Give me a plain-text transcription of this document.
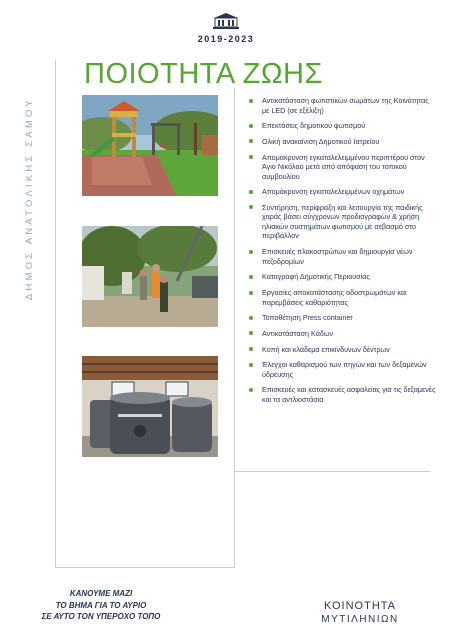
2019-2023
ΔΗΜΟΣ ΑΝΑΤΟΛΙΚΗΣ ΣΑΜΟΥ
ΠΟΙΟΤΗΤΑ ΖΩΗΣ
Αντικατάσταση φωτιστικών σωμάτων της Κοινότητας με LED (σε εξέλιξη)
Επεκτάσεις δημοτικού φωτισμού
Ολική ανακαίνιση Δημοτικού Ιατρείου
Απομάκρυνση εγκαταλελειμμένου περιπτέρου στον Άγιο Νικόλαο μετά από απόφαση του τοπικού συμβουλίου
Απομάκρυνση εγκαταλελειμμένων οχημάτων
Συντήρηση, περίφραξη και λειτουργία της παιδικής χαράς βάσει σύγχρονων προδιαγραφών & χρήση ηλιακών συστημάτων φωτισμού με σεβασμό στο περιβάλλον
Επισκευές πλακοστρώτων και δημιουργία νέων πεζοδρομίων
Καταγραφή Δημοτικής Περιουσίας
Εργασίες αποκατάστασης οδοστρωμάτων και παρεμβάσεις καθαριότητας
Τοποθέτηση Press container
Αντικατάσταση Κάδων
Κοπή και κλάδεμα επικίνδυνων δέντρων
Έλεγχοι καθαρισμού των πηγών και των δεξαμενών ύδρευσης
Επισκευές και κατασκευές ασφαλείας για τις δεξαμενές και τα αντλιοστάσια
ΚΑΝΟΥΜΕ ΜΑΖΙ
ΤΟ ΒΗΜΑ ΓΙΑ ΤΟ ΑΥΡΙΟ
ΣΕ ΑΥΤΟ ΤΟΝ ΥΠΕΡΟΧΟ ΤΟΠΟ
ΚΟΙΝΟΤΗΤΑ
ΜΥΤΙΛΗΝΙΩΝ
